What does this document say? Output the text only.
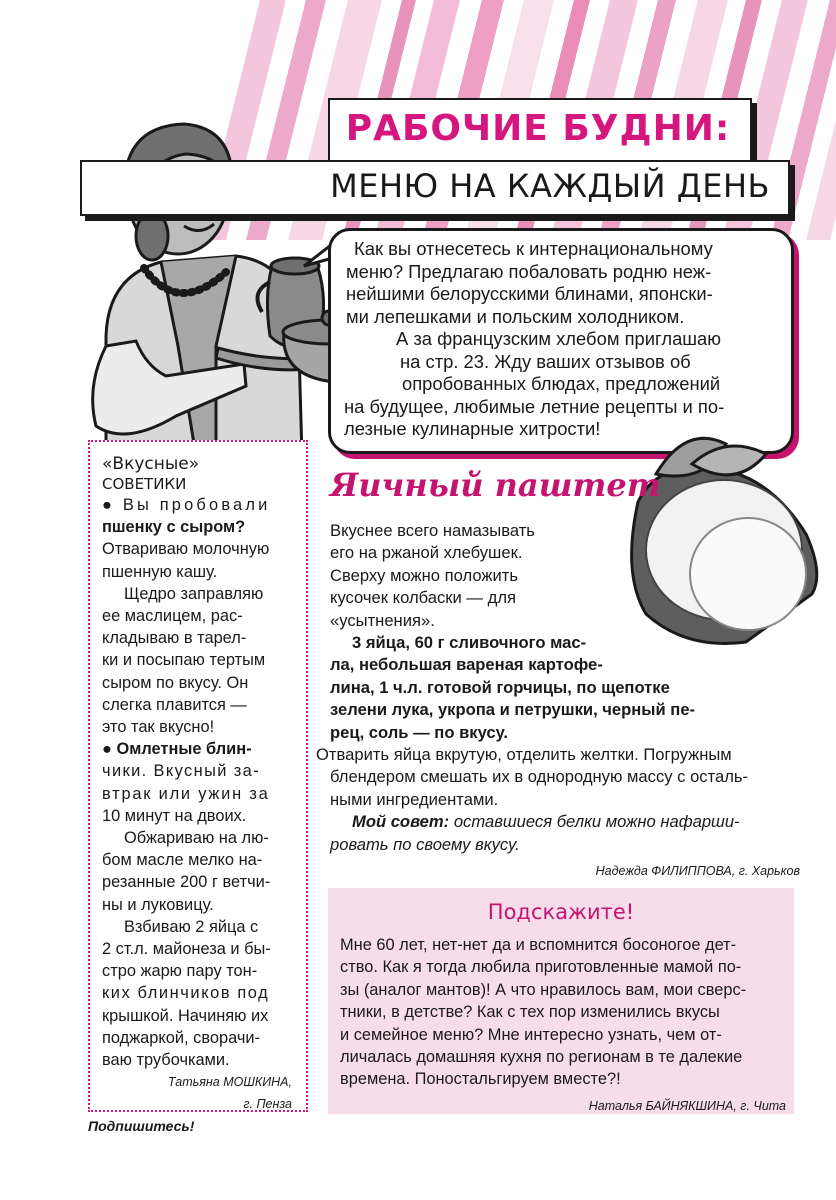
РАБОЧИЕ БУДНИ:
МЕНЮ НА КАЖДЫЙ ДЕНЬ
Как вы отнесетесь к интернациональному
меню? Предлагаю побаловать родню неж-
нейшими белорусскими блинами, японски-
ми лепешками и польским холодником.
А за французским хлебом приглашаю
на стр. 23. Жду ваших отзывов об
опробованных блюдах, предложений
на будущее, любимые летние рецепты и по-
лезные кулинарные хитрости!
«Вкусные»
СОВЕТИКИ
● Вы пробовали
пшенку с сыром?
Отвариваю молочную
пшенную кашу.
Щедро заправляю
ее маслицем, рас-
кладываю в тарел-
ки и посыпаю тертым
сыром по вкусу. Он
слегка плавится —
это так вкусно!
● Омлетные блин-
чики. Вкусный за-
втрак или ужин за
10 минут на двоих.
Обжариваю на лю-
бом масле мелко на-
резанные 200 г ветчи-
ны и луковицу.
Взбиваю 2 яйца с
2 ст.л. майонеза и бы-
стро жарю пару тон-
ких блинчиков под
крышкой. Начиняю их
поджаркой, сворачи-
ваю трубочками.
Татьяна МОШКИНА,
г. Пенза
Яичный паштет
Вкуснее всего намазывать
его на ржаной хлебушек.
Сверху можно положить
кусочек колбаски — для
«усытнения».
3 яйца, 60 г сливочного мас-
ла, небольшая вареная картофе-
лина, 1 ч.л. готовой горчицы, по щепотке
зелени лука, укропа и петрушки, черный пе-
рец, соль — по вкусу.
Отварить яйца вкрутую, отделить желтки. Погружным
блендером смешать их в однородную массу с осталь-
ными ингредиентами.
Мой совет: оставшиеся белки можно нафарши-
ровать по своему вкусу.
Надежда ФИЛИППОВА, г. Харьков
Подскажите!
Мне 60 лет, нет-нет да и вспомнится босоногое дет-
ство. Как я тогда любила приготовленные мамой по-
зы (аналог мантов)! А что нравилось вам, мои сверс-
тники, в детстве? Как с тех пор изменились вкусы
и семейное меню? Мне интересно узнать, чем от-
личалась домашняя кухня по регионам в те далекие
времена. Поностальгируем вместе?!
Наталья БАЙНЯКШИНА, г. Чита
Подпишитесь!
